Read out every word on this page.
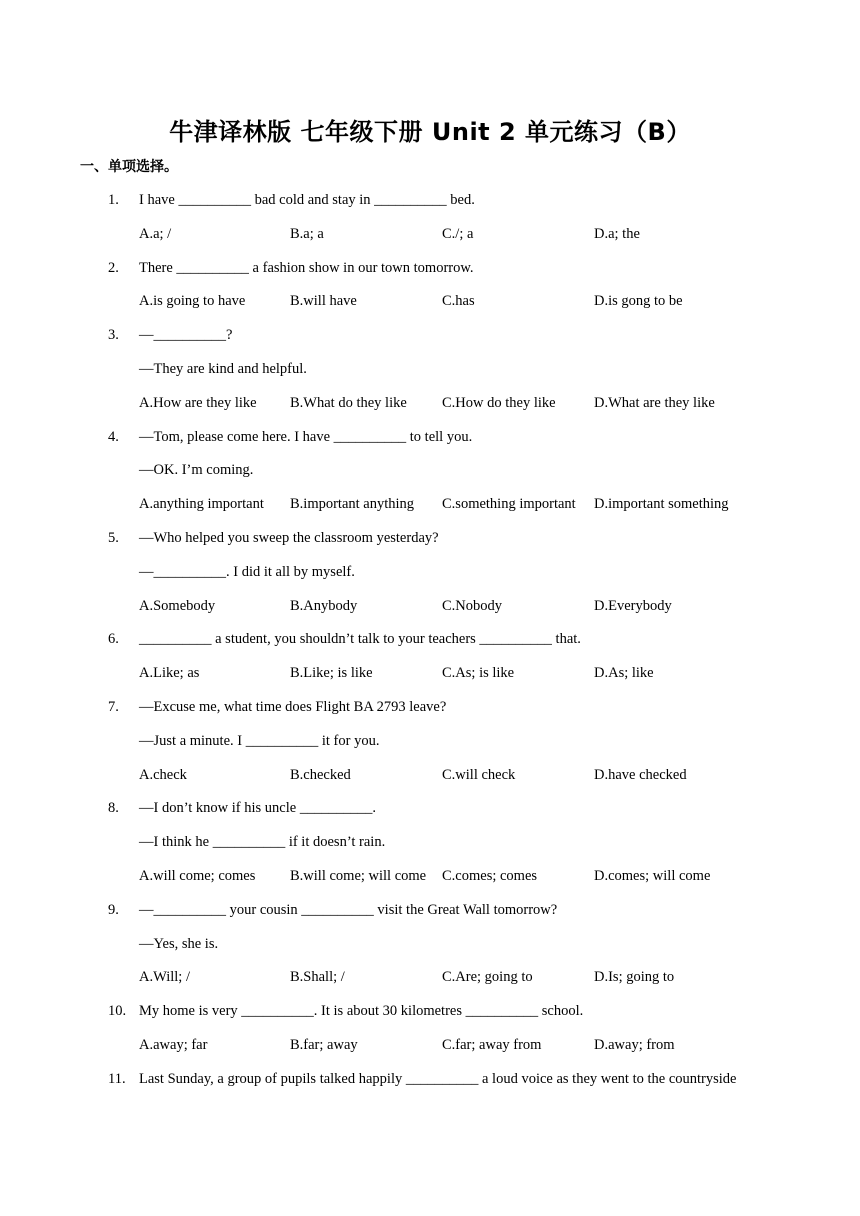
牛津译林版 七年级下册 Unit 2 单元练习（B）
一、单项选择。
1. I have __________ bad cold and stay in __________ bed.
A.a; /	B.a; a	C./; a	D.a; the
2. There __________ a fashion show in our town tomorrow.
A.is going to have	B.will have	C.has	D.is gong to be
3. —__________?
—They are kind and helpful.
A.How are they like B.What do they like C.How do they like	D.What are they like
4. —Tom, please come here. I have __________ to tell you.
—OK. I’m coming.
A.anything important B.important anything C.something important D.important something
5. —Who helped you sweep the classroom yesterday?
—__________. I did it all by myself.
A.Somebody	B.Anybody	C.Nobody	D.Everybody
6. __________ a student, you shouldn’t talk to your teachers __________ that.
A.Like; as	B.Like; is like	C.As; is like	D.As; like
7. —Excuse me, what time does Flight BA 2793 leave?
—Just a minute. I __________ it for you.
A.check	B.checked	C.will check	D.have checked
8. —I don’t know if his uncle __________.
—I think he __________ if it doesn’t rain.
A.will come; comes B.will come; will come C.comes; comes	D.comes; will come
9. —__________ your cousin __________ visit the Great Wall tomorrow?
—Yes, she is.
A.Will; /	B.Shall; /	C.Are; going to	D.Is; going to
10. My home is very __________. It is about 30 kilometres __________ school.
A.away; far	B.far; away	C.far; away from	D.away; from
11. Last Sunday, a group of pupils talked happily __________ a loud voice as they went to the countryside
